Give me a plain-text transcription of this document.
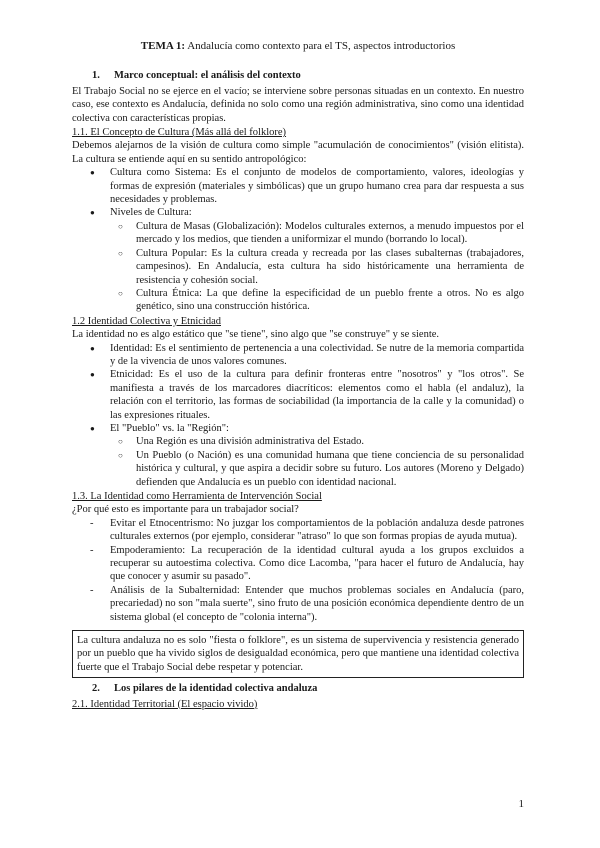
TEMA 1: Andalucía como contexto para el TS, aspectos introductorios
1. Marco conceptual: el análisis del contexto

El Trabajo Social no se ejerce en el vacío; se interviene sobre personas situadas en un contexto. En nuestro caso, ese contexto es Andalucía, definida no solo como una región administrativa, sino como una identidad colectiva con características propias.

1.1. El Concepto de Cultura (Más allá del folklore)

Debemos alejarnos de la visión de cultura como simple "acumulación de conocimientos" (visión elitista). La cultura se entiende aquí en su sentido antropológico:

● Cultura como Sistema: Es el conjunto de modelos de comportamiento, valores, ideologías y formas de expresión (materiales y simbólicas) que un grupo humano crea para dar respuesta a sus necesidades y problemas.
● Niveles de Cultura:
○ Cultura de Masas (Globalización): Modelos culturales externos, a menudo impuestos por el mercado y los medios, que tienden a uniformizar el mundo (borrando lo local).
○ Cultura Popular: Es la cultura creada y recreada por las clases subalternas (trabajadores, campesinos). En Andalucía, esta cultura ha sido históricamente una herramienta de resistencia y cohesión social.
○ Cultura Étnica: La que define la especificidad de un pueblo frente a otros. No es algo genético, sino una construcción histórica.
1.2 Identidad Colectiva y Etnicidad

La identidad no es algo estático que "se tiene", sino algo que "se construye" y se siente.

● Identidad: Es el sentimiento de pertenencia a una colectividad. Se nutre de la memoria compartida y de la vivencia de unos valores comunes.
● Etnicidad: Es el uso de la cultura para definir fronteras entre "nosotros" y "los otros". Se manifiesta a través de los marcadores diacríticos: elementos como el habla (el andaluz), la relación con el territorio, las formas de sociabilidad (la importancia de la calle y la comunidad) o las expresiones rituales.
● El "Pueblo" vs. la "Región":
○ Una Región es una división administrativa del Estado.
○ Un Pueblo (o Nación) es una comunidad humana que tiene conciencia de su personalidad histórica y cultural, y que aspira a decidir sobre su futuro. Los autores (Moreno y Delgado) defienden que Andalucía es un pueblo con identidad nacional.
1.3. La Identidad como Herramienta de Intervención Social

¿Por qué esto es importante para un trabajador social?

- Evitar el Etnocentrismo: No juzgar los comportamientos de la población andaluza desde patrones culturales externos (por ejemplo, considerar "atraso" lo que son formas propias de ayuda mutua).
- Empoderamiento: La recuperación de la identidad cultural ayuda a los grupos excluidos a recuperar su autoestima colectiva. Como dice Lacomba, "para hacer el futuro de Andalucía, hay que conocer y asumir su pasado".
- Análisis de la Subalternidad: Entender que muchos problemas sociales en Andalucía (paro, precariedad) no son "mala suerte", sino fruto de una posición económica dependiente dentro de un sistema global (el concepto de "colonia interna").
La cultura andaluza no es solo "fiesta o folklore", es un sistema de supervivencia y resistencia generado por un pueblo que ha vivido siglos de desigualdad económica, pero que mantiene una identidad colectiva fuerte que el Trabajo Social debe respetar y potenciar.
2. Los pilares de la identidad colectiva andaluza
2.1. Identidad Territorial (El espacio vivido)
1
